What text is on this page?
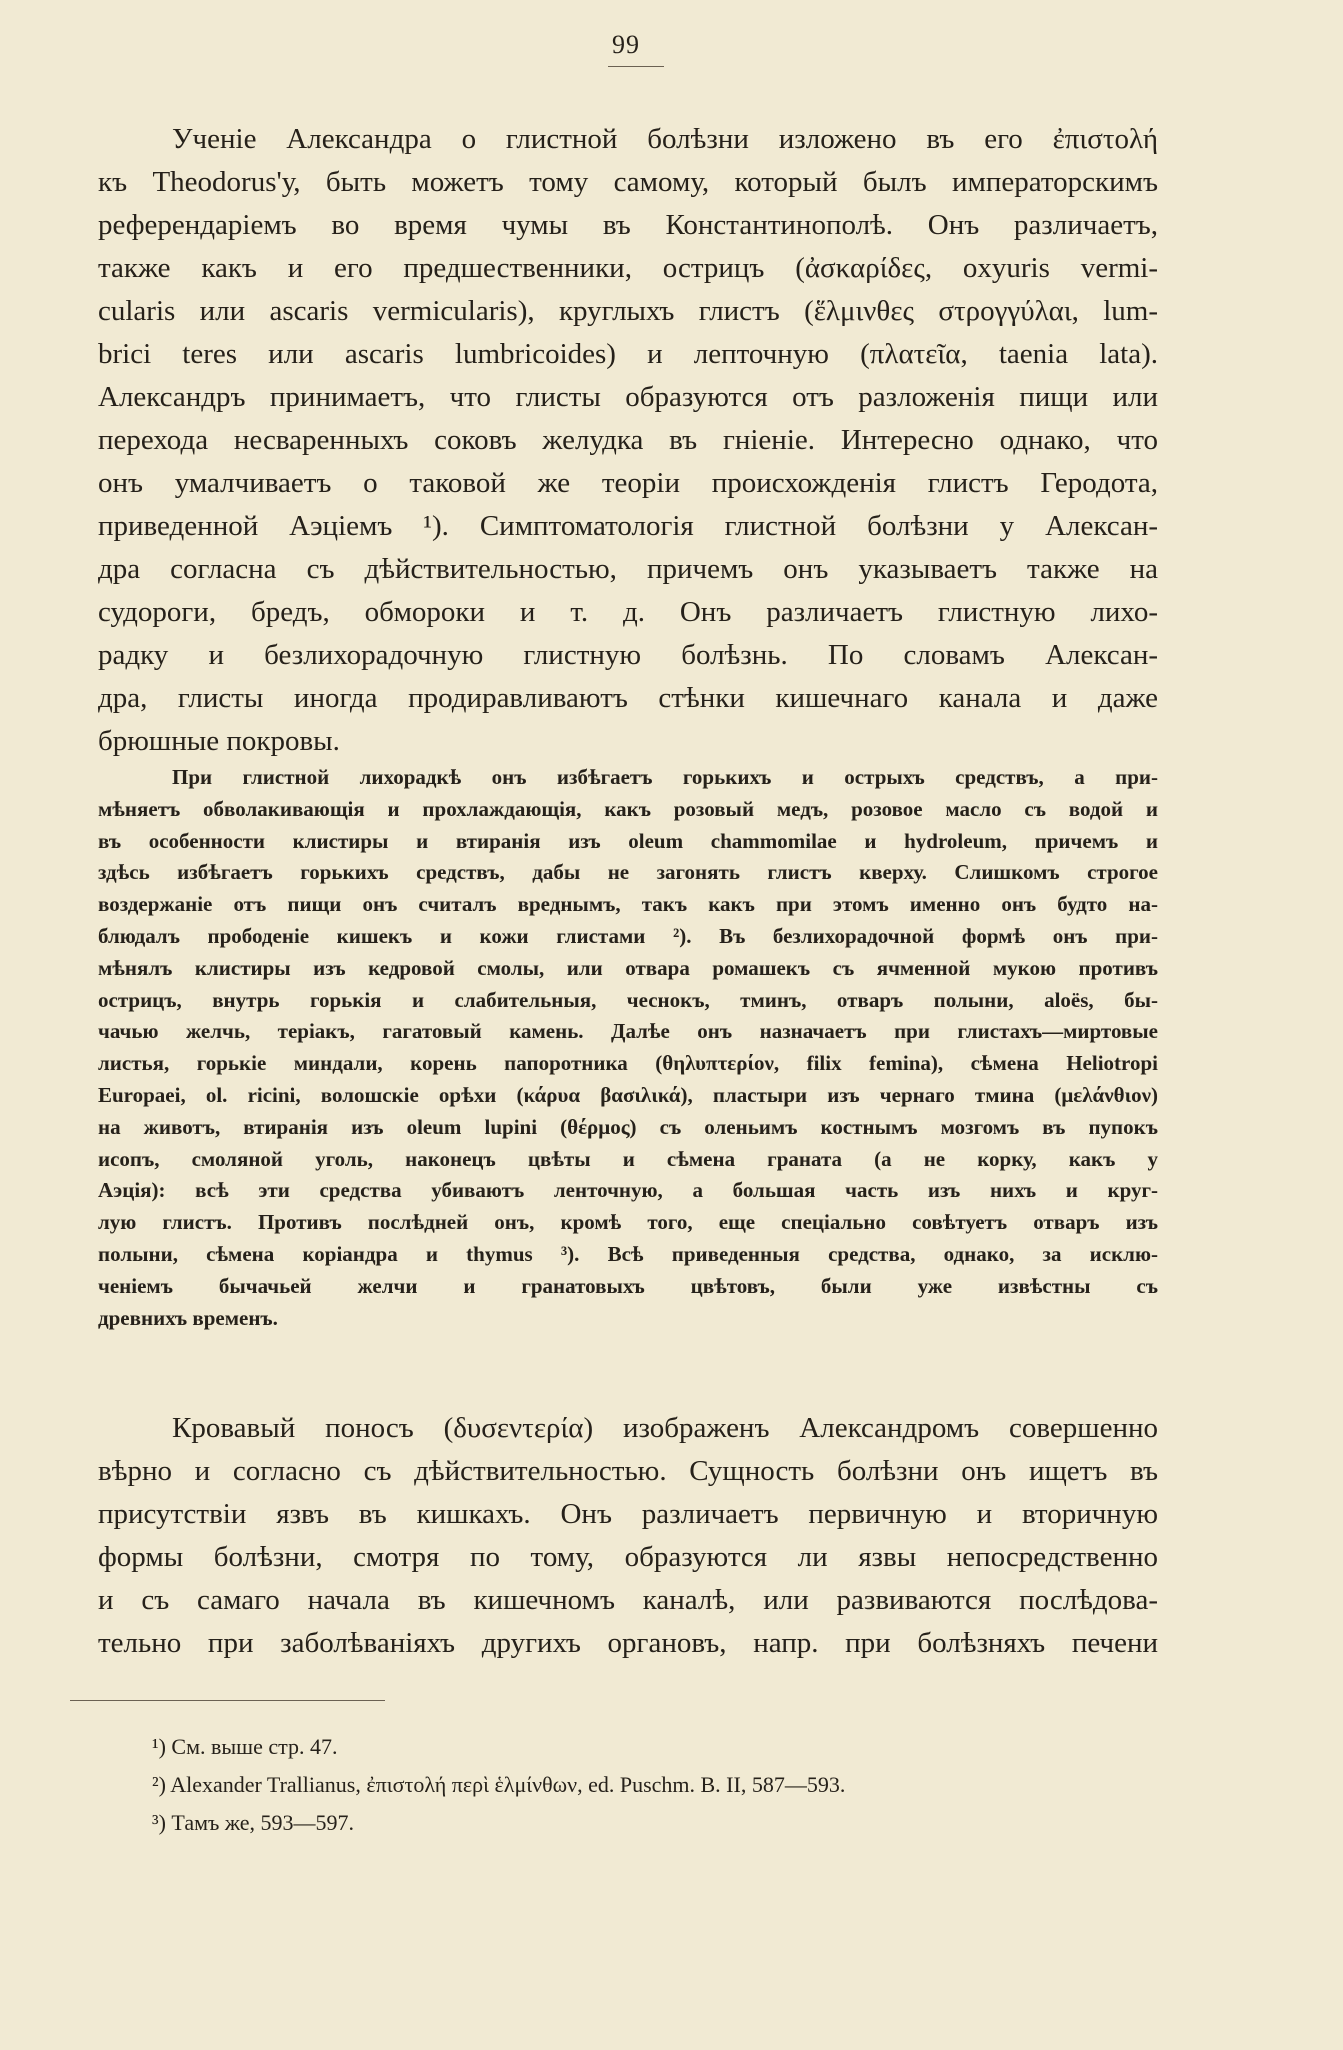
99
Ученіе Александра о глистной болѣзни изложено въ его ἐπιστολή
къ Theodorus'у, быть можетъ тому самому, который былъ императорскимъ
референдаріемъ во время чумы въ Константинополѣ. Онъ различаетъ,
также какъ и его предшественники, острицъ (ἀσκαρίδες, oxyuris vermi-
cularis или ascaris vermicularis), круглыхъ глистъ (ἕλμινθες στρογγύλαι, lum-
brici teres или ascaris lumbricoides) и лепточную (πλατεῖα, taenia lata).
Александръ принимаетъ, что глисты образуются отъ разложенія пищи или
перехода несваренныхъ соковъ желудка въ гніеніе. Интересно однако, что
онъ умалчиваетъ о таковой же теоріи происхожденія глистъ Геродота,
приведенной Аэціемъ ¹). Симптоматологія глистной болѣзни у Алексан-
дра согласна съ дѣйствительностью, причемъ онъ указываетъ также на
судороги, бредъ, обмороки и т. д. Онъ различаетъ глистную лихо-
радку и безлихорадочную глистную болѣзнь. По словамъ Алексан-
дра, глисты иногда продиравливаютъ стѣнки кишечнаго канала и даже
брюшные покровы.
При глистной лихорадкѣ онъ избѣгаетъ горькихъ и острыхъ средствъ, а при-
мѣняетъ обволакивающія и прохлаждающія, какъ розовый медъ, розовое масло съ водой и
въ особенности клистиры и втиранія изъ oleum chammomilae и hydroleum, причемъ и
здѣсь избѣгаетъ горькихъ средствъ, дабы не загонять глистъ кверху. Слишкомъ строгое
воздержаніе отъ пищи онъ считалъ вреднымъ, такъ какъ при этомъ именно онъ будто на-
блюдалъ прободеніе кишекъ и кожи глистами ²). Въ безлихорадочной формѣ онъ при-
мѣнялъ клистиры изъ кедровой смолы, или отвара ромашекъ съ ячменной мукою противъ
острицъ, внутрь горькія и слабительныя, чеснокъ, тминъ, отваръ полыни, aloës, бы-
чачью желчь, теріакъ, гагатовый камень. Далѣе онъ назначаетъ при глистахъ—миртовые
листья, горькіе миндали, корень папоротника (θηλυπτερίον, filix femina), сѣмена Heliotropi
Europaei, ol. ricini, волошскіе орѣхи (κάρυα βασιλικά), пластыри изъ чернаго тмина (μελάνθιον)
на животъ, втиранія изъ oleum lupini (θέρμος) съ оленьимъ костнымъ мозгомъ въ пупокъ
исопъ, смоляной уголь, наконецъ цвѣты и сѣмена граната (а не корку, какъ у
Аэція): всѣ эти средства убиваютъ ленточную, а большая часть изъ нихъ и круг-
лую глистъ. Противъ послѣдней онъ, кромѣ того, еще спеціально совѣтуетъ отваръ изъ
полыни, сѣмена коріандра и thymus ³). Всѣ приведенныя средства, однако, за исклю-
ченіемъ бычачьей желчи и гранатовыхъ цвѣтовъ, были уже извѣстны съ
древнихъ временъ.
Кровавый поносъ (δυσεντερία) изображенъ Александромъ совершенно
вѣрно и согласно съ дѣйствительностью. Сущность болѣзни онъ ищетъ въ
присутствіи язвъ въ кишкахъ. Онъ различаетъ первичную и вторичную
формы болѣзни, смотря по тому, образуются ли язвы непосредственно
и съ самаго начала въ кишечномъ каналѣ, или развиваются послѣдова-
тельно при заболѣваніяхъ другихъ органовъ, напр. при болѣзняхъ печени
¹) См. выше стр. 47.
²) Alexander Trallianus, ἐπιστολή περὶ ἑλμίνθων, ed. Puschm. B. II, 587—593.
³) Тамъ же, 593—597.
